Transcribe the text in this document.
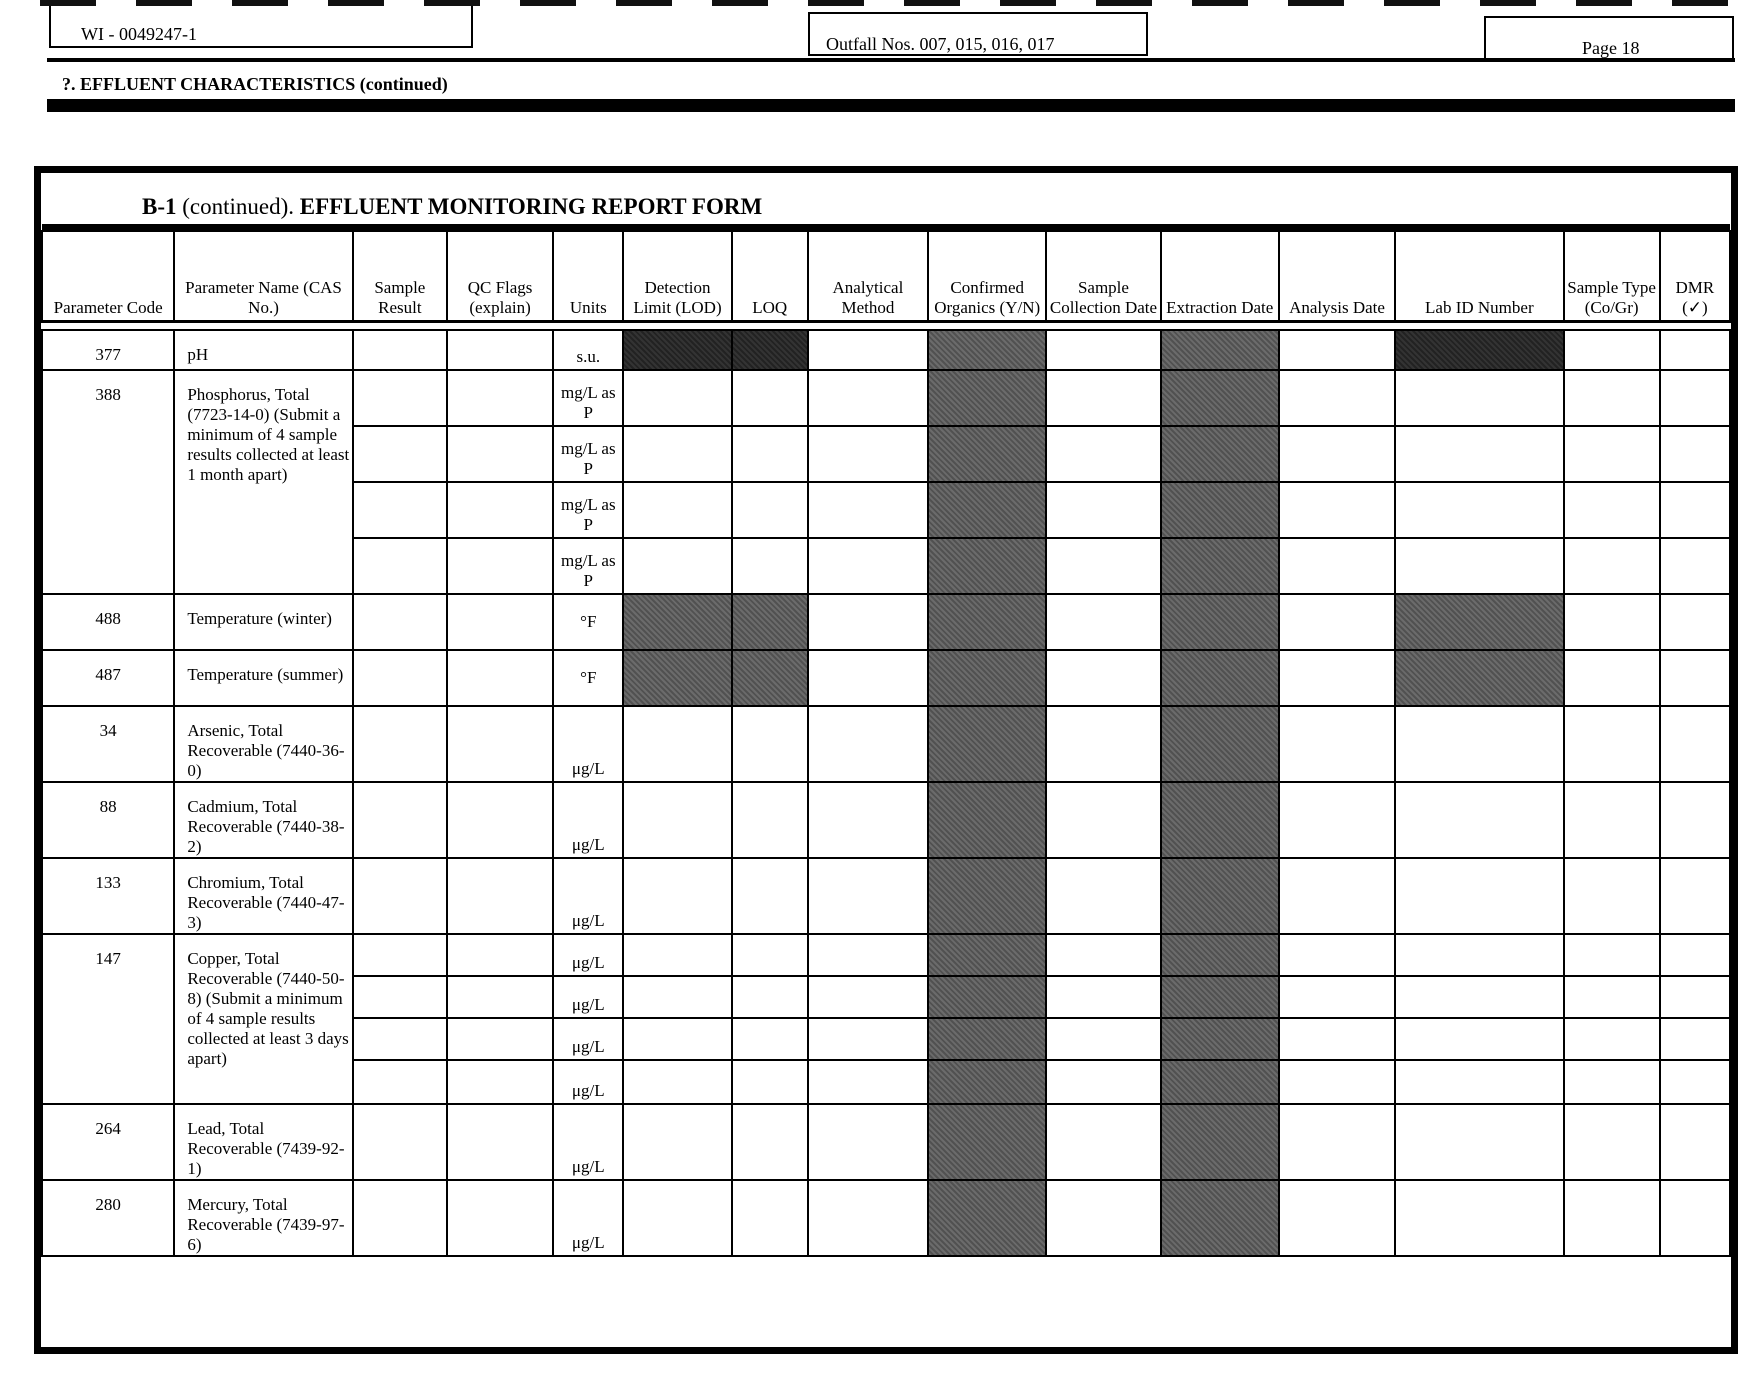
WI - 0049247-1	Outfall Nos. 007, 015, 016, 017	Page 18
?. EFFLUENT CHARACTERISTICS (continued)
B-1 (continued). EFFLUENT MONITORING REPORT FORM
Parameter Code	Parameter Name (CAS No.)	Sample Result	QC Flags (explain)	Units	Detection Limit (LOD)	LOQ	Analytical Method	Confirmed Organics (Y/N)	Sample Collection Date	Extraction Date	Analysis Date	Lab ID Number	Sample Type (Co/Gr)	DMR (✓)

377	pH			s.u.										
388	Phosphorus, Total (7723-14-0) (Submit a minimum of 4 sample results collected at least 1 month apart)			mg/L as P										
				mg/L as P										
				mg/L as P										
				mg/L as P										
488	Temperature (winter)			°F										
487	Temperature (summer)			°F										
34	Arsenic, Total Recoverable (7440-36-0)			μg/L										
88	Cadmium, Total Recoverable (7440-38-2)			μg/L										
133	Chromium, Total Recoverable (7440-47-3)			μg/L										
147	Copper, Total Recoverable (7440-50-8) (Submit a minimum of 4 sample results collected at least 3 days apart)			μg/L										
				μg/L										
				μg/L										
				μg/L										
264	Lead, Total Recoverable (7439-92-1)			μg/L										
280	Mercury, Total Recoverable (7439-97-6)			μg/L										
